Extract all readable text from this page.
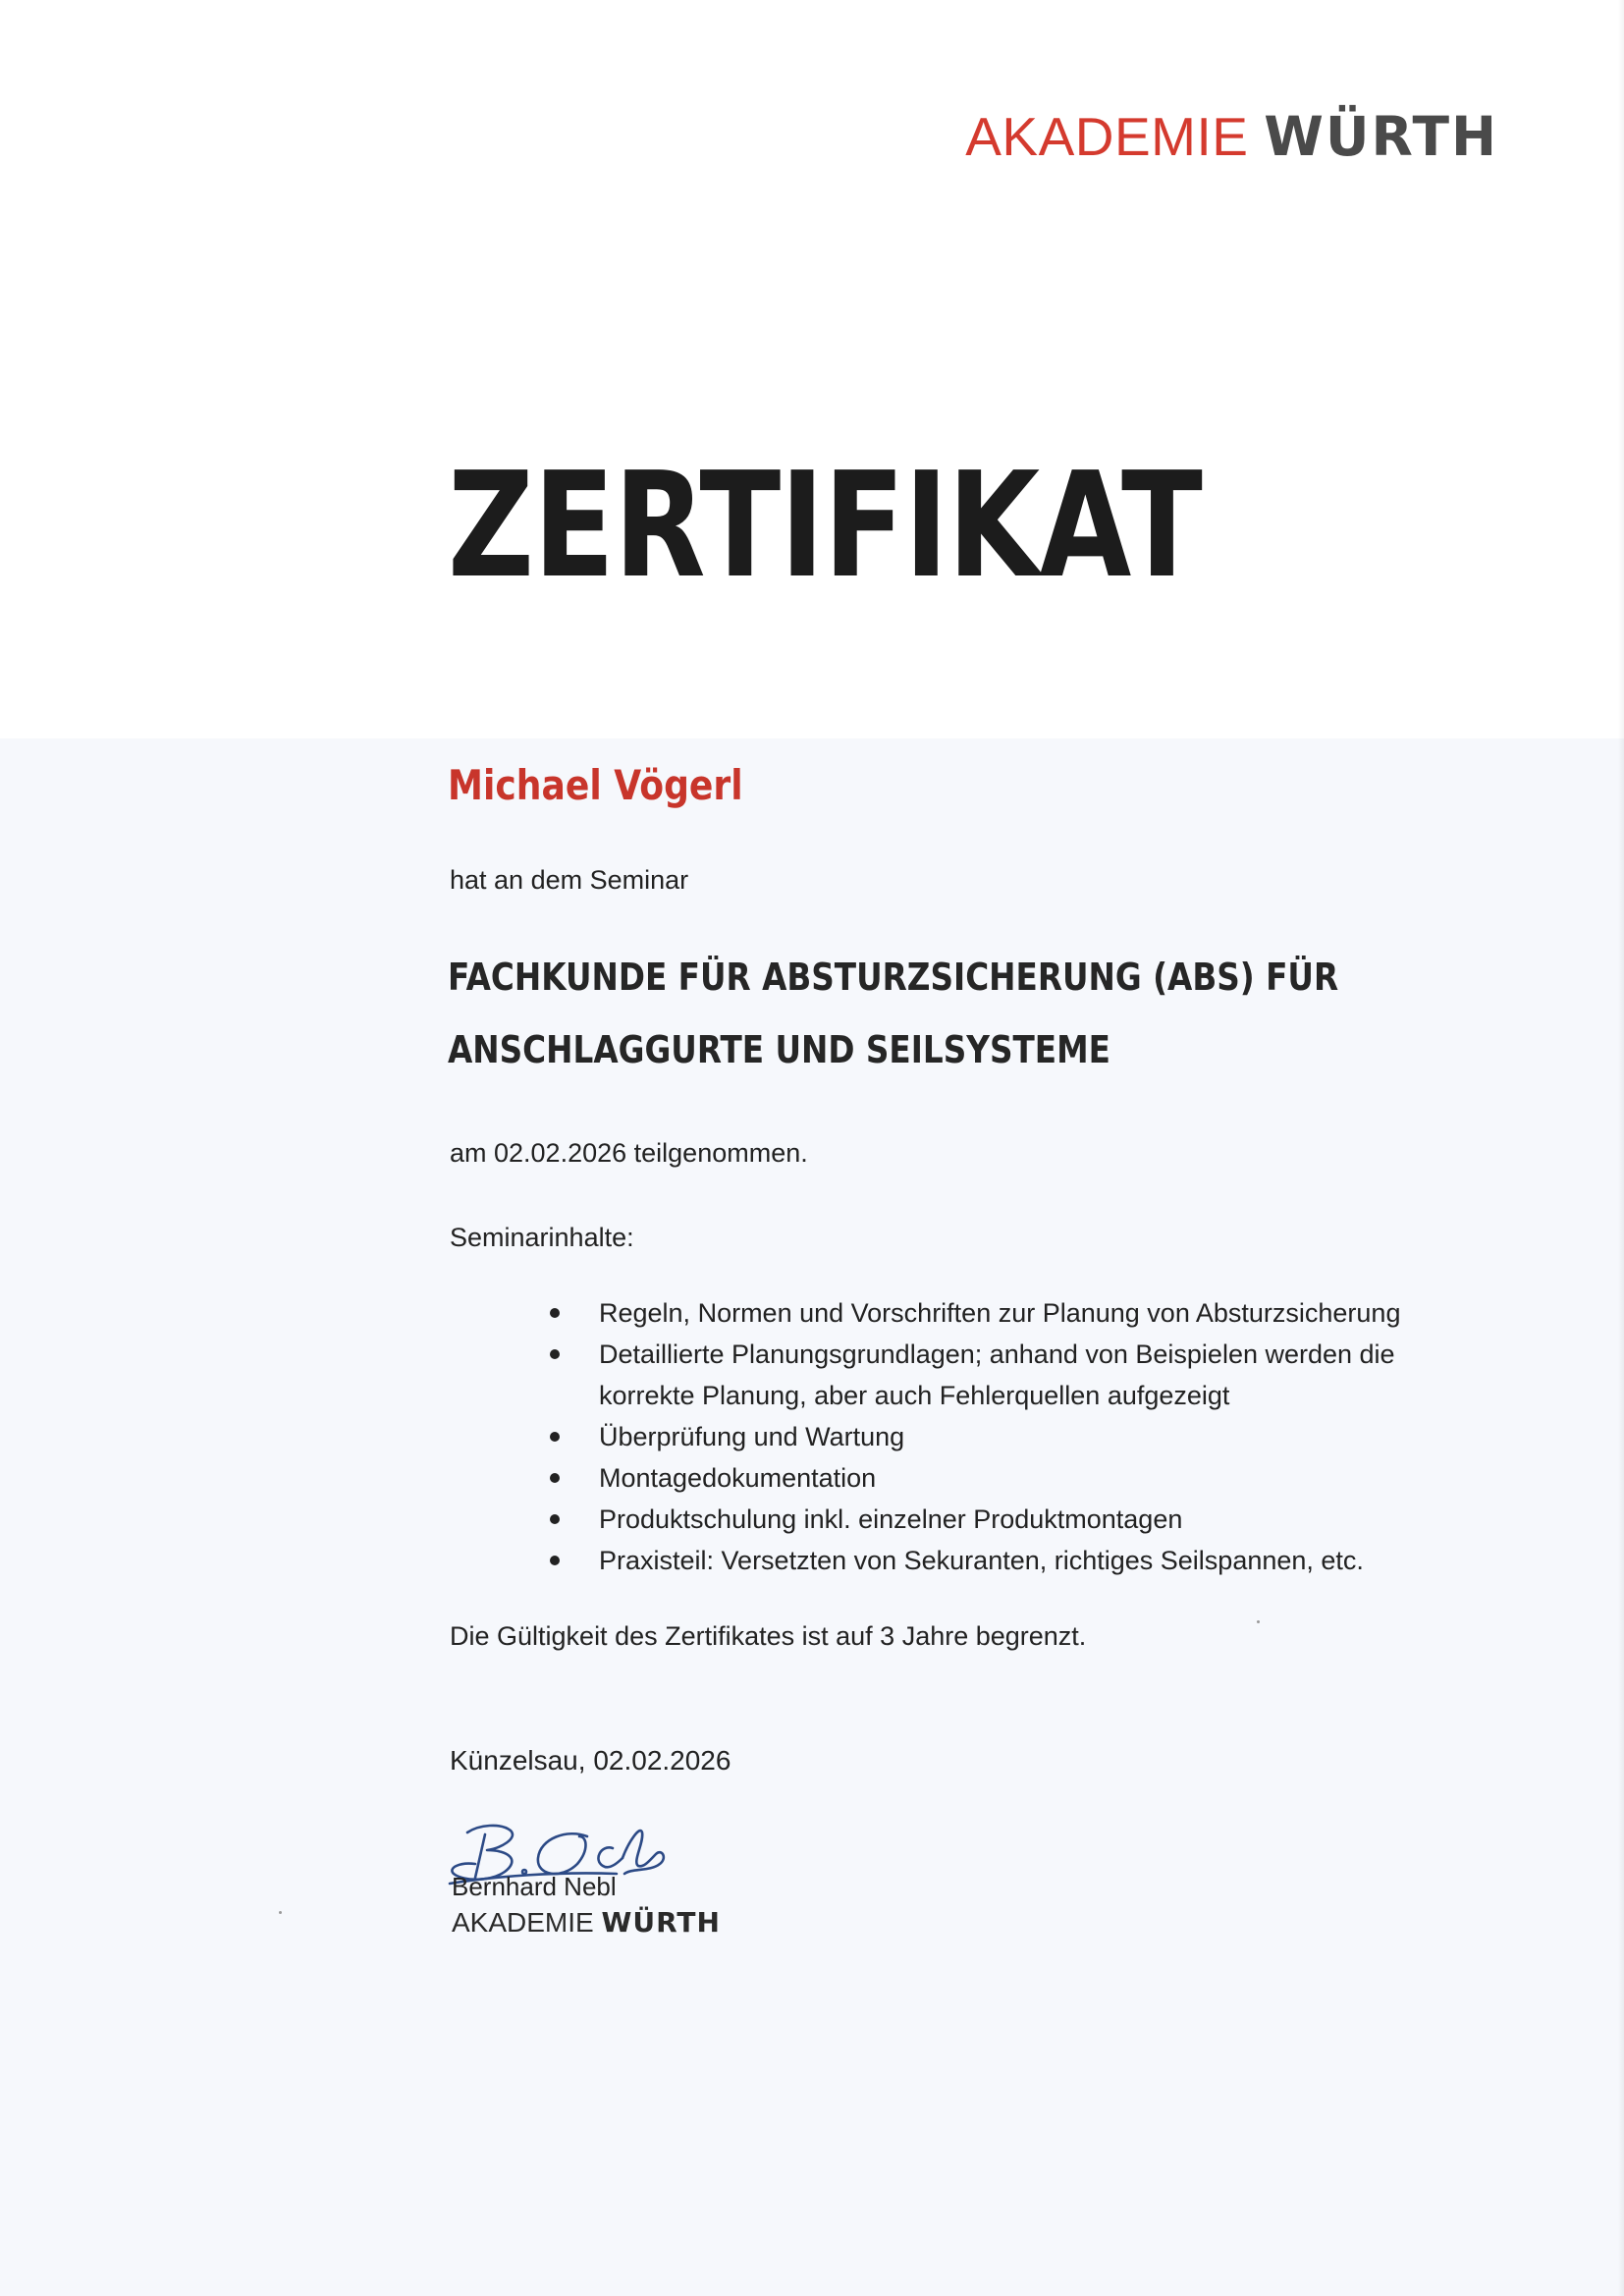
AKADEMIE WÜRTH
ZERTIFIKAT
Michael Vögerl

hat an dem Seminar

FACHKUNDE FÜR ABSTURZSICHERUNG (ABS) FÜR
ANSCHLAGGURTE UND SEILSYSTEME

am 02.02.2026 teilgenommen.

Seminarinhalte:

Regeln, Normen und Vorschriften zur Planung von Absturzsicherung
Detaillierte Planungsgrundlagen; anhand von Beispielen werden die korrekte Planung, aber auch Fehlerquellen aufgezeigt
Überprüfung und Wartung
Montagedokumentation
Produktschulung inkl. einzelner Produktmontagen
Praxisteil: Versetzten von Sekuranten, richtiges Seilspannen, etc.

Die Gültigkeit des Zertifikates ist auf 3 Jahre begrenzt.

Künzelsau, 02.02.2026

Bernhard Nebl

AKADEMIE WÜRTH
